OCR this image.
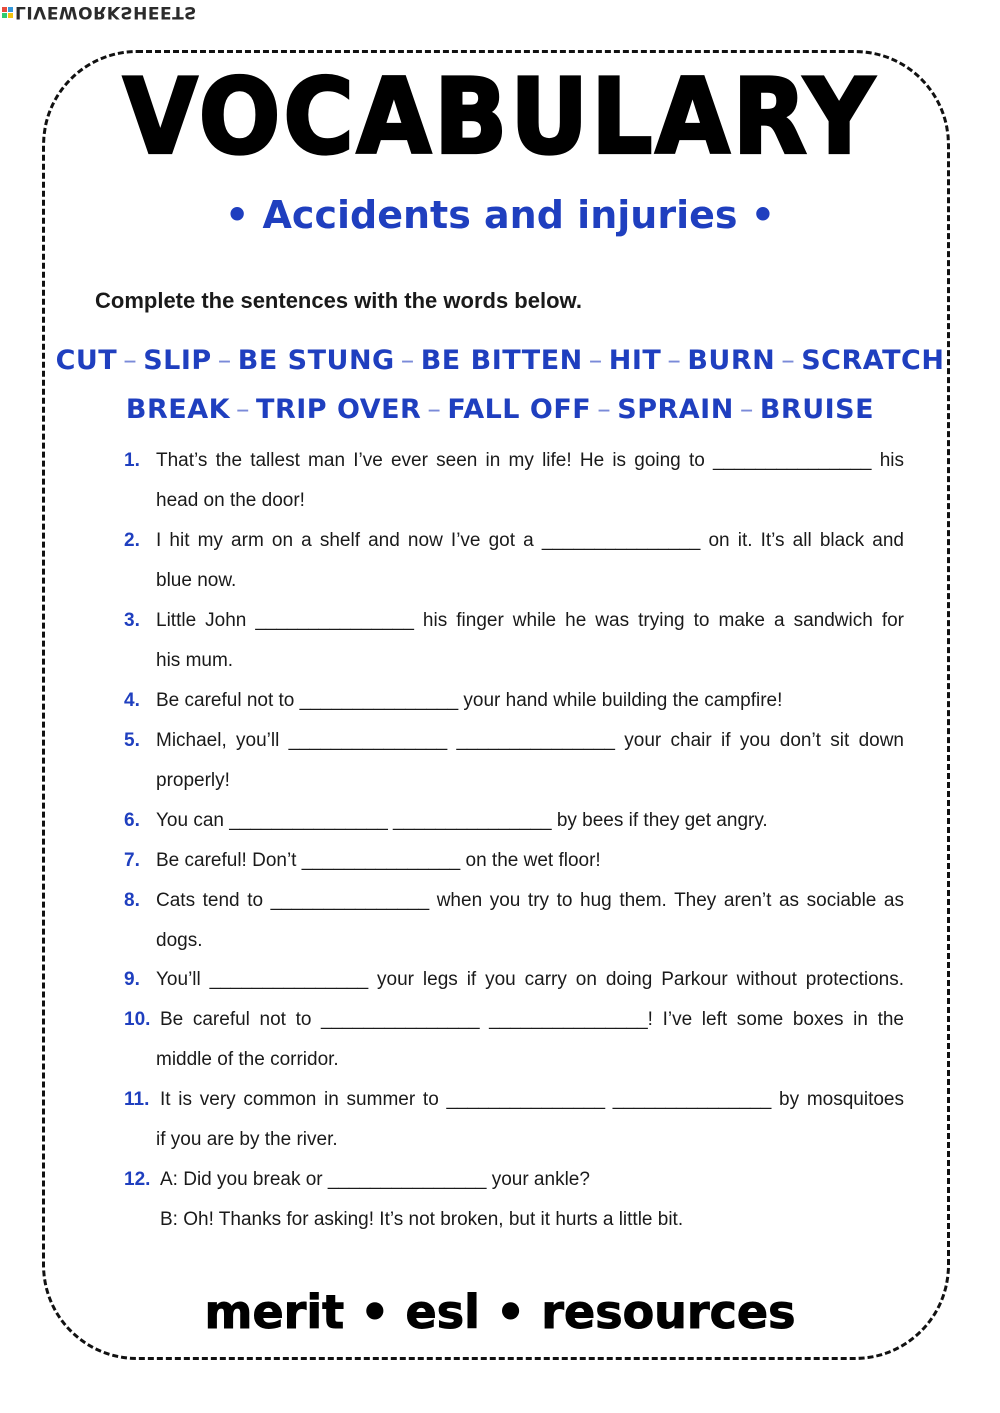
LIVEWORKSHEETS
VOCABULARY
• Accidents and injuries •
Complete the sentences with the words below.
CUT – SLIP – BE STUNG – BE BITTEN – HIT – BURN – SCRATCH
BREAK – TRIP OVER – FALL OFF – SPRAIN – BRUISE
1. That’s the tallest man I’ve ever seen in my life! He is going to _______________ his
head on the door!
2. I hit my arm on a shelf and now I’ve got a _______________ on it. It’s all black and
blue now.
3. Little John _______________ his finger while he was trying to make a sandwich for
his mum.
4. Be careful not to _______________ your hand while building the campfire!
5. Michael, you’ll _______________ _______________ your chair if you don’t sit down
properly!
6. You can _______________ _______________ by bees if they get angry.
7. Be careful! Don’t _______________ on the wet floor!
8. Cats tend to _______________ when you try to hug them. They aren’t as sociable as
dogs.
9. You’ll _______________ your legs if you carry on doing Parkour without protections.
10. Be careful not to _______________ _______________! I’ve left some boxes in the
middle of the corridor.
11. It is very common in summer to _______________ _______________ by mosquitoes
if you are by the river.
12. A: Did you break or _______________ your ankle?
B: Oh! Thanks for asking! It’s not broken, but it hurts a little bit.
merit • esl • resources
